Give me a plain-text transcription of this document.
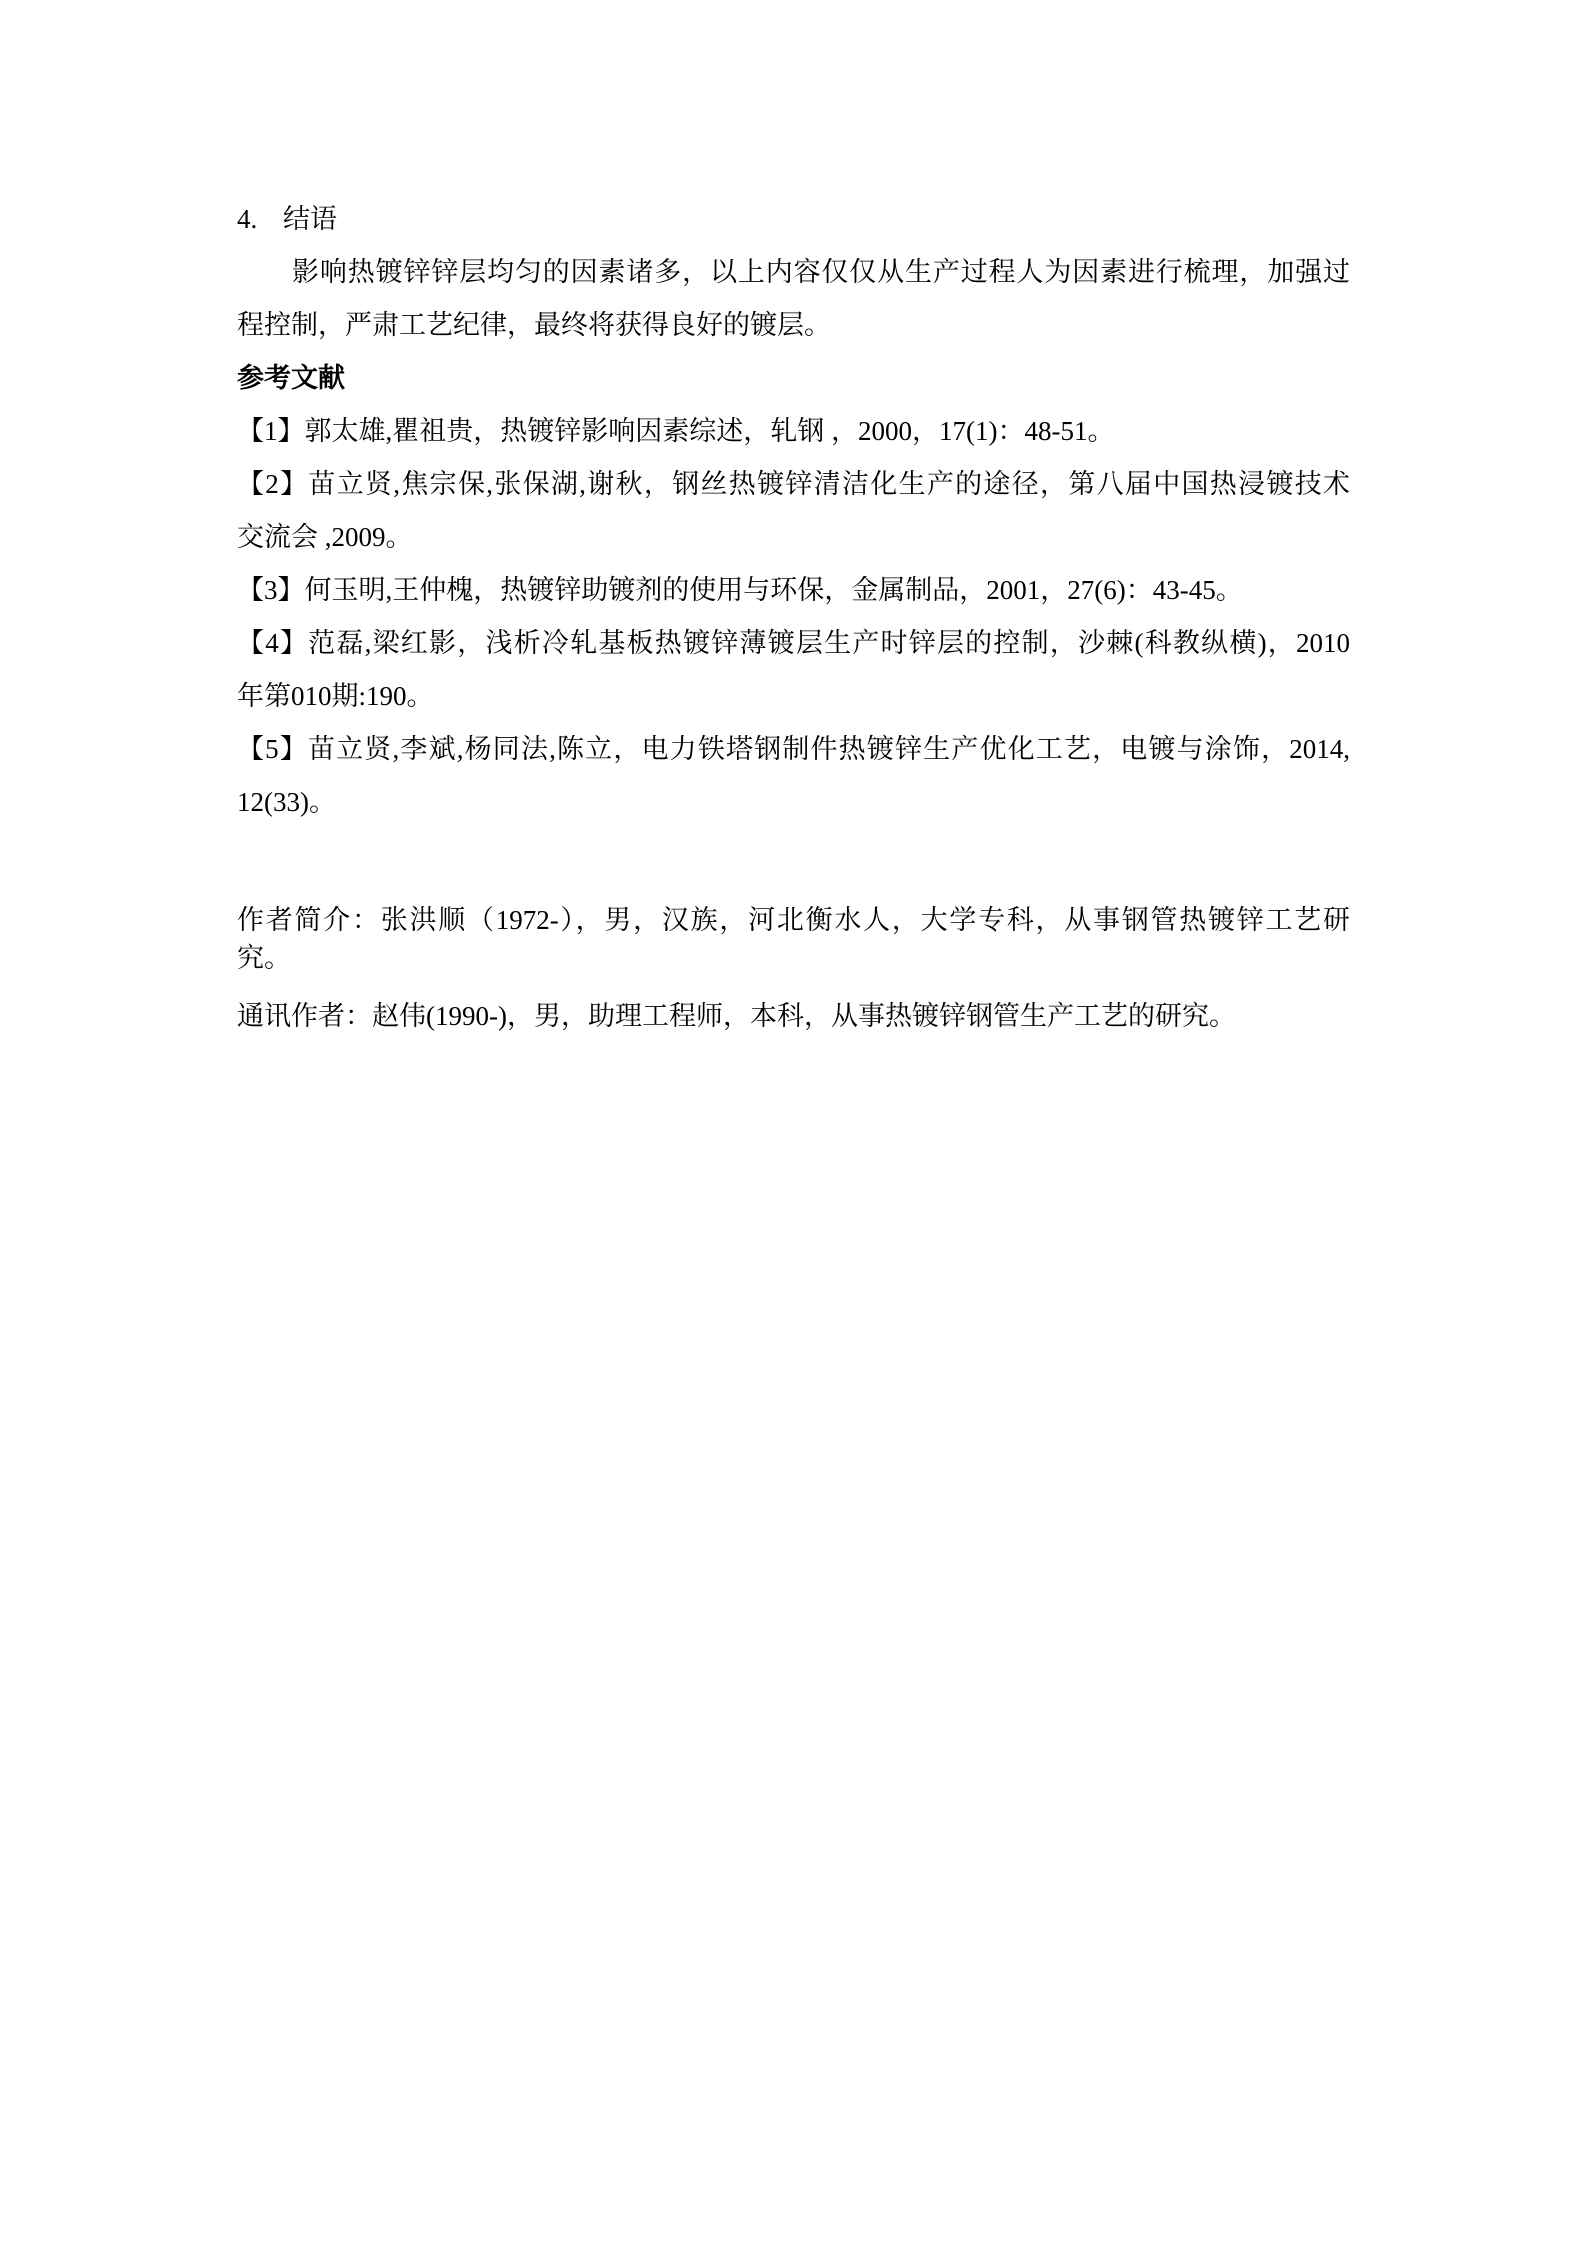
4. 结语
影响热镀锌锌层均匀的因素诸多，以上内容仅仅从生产过程人为因素进行梳理，加强过
程控制，严肃工艺纪律，最终将获得良好的镀层。
参考文献
【1】郭太雄,瞿祖贵，热镀锌影响因素综述，轧钢 ，2000，17(1)：48-51。
【2】苗立贤,焦宗保,张保湖,谢秋，钢丝热镀锌清洁化生产的途径，第八届中国热浸镀技术
交流会 ,2009。
【3】何玉明,王仲槐，热镀锌助镀剂的使用与环保，金属制品，2001，27(6)：43-45。
【4】范磊,梁红影，浅析冷轧基板热镀锌薄镀层生产时锌层的控制，沙棘(科教纵横)，2010
年第010期:190。
【5】苗立贤,李斌,杨同法,陈立，电力铁塔钢制件热镀锌生产优化工艺，电镀与涂饰，2014,
12(33)。
作者简介：张洪顺（1972-），男，汉族，河北衡水人，大学专科，从事钢管热镀锌工艺研
究。
通讯作者：赵伟(1990-)，男，助理工程师，本科，从事热镀锌钢管生产工艺的研究。
